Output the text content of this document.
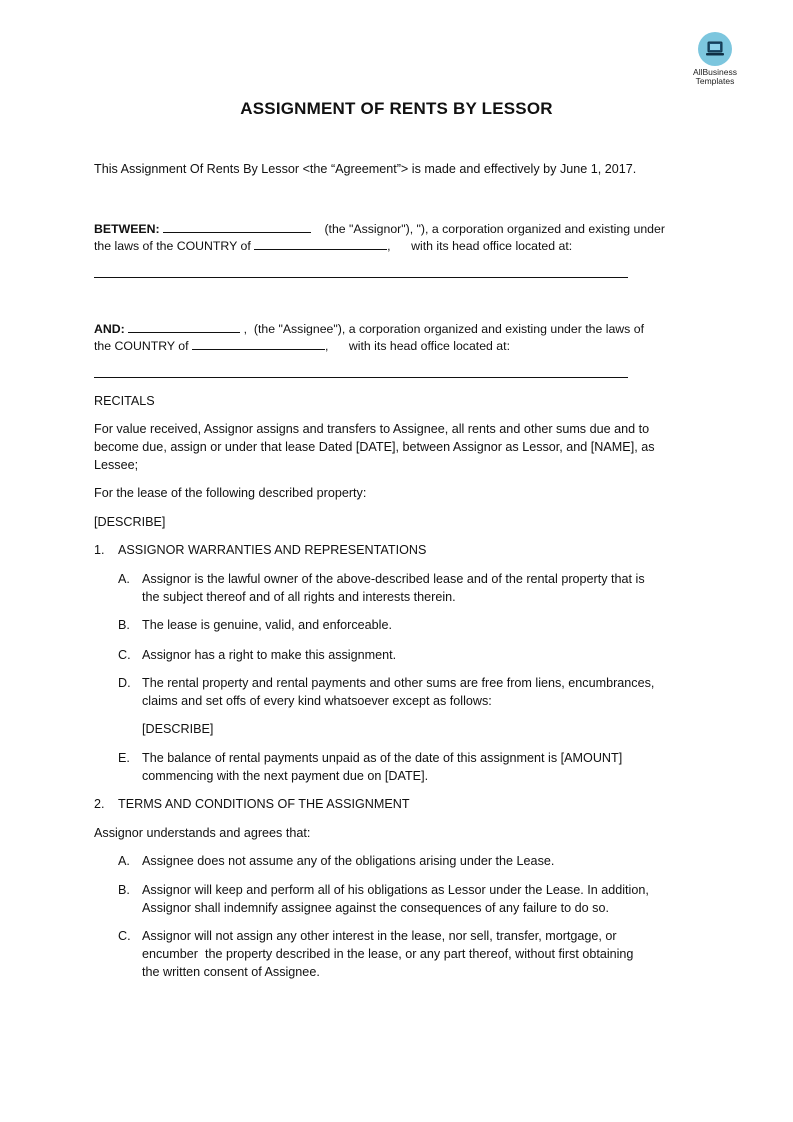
AllBusiness
Templates
ASSIGNMENT OF RENTS BY LESSOR
This Assignment Of Rents By Lessor <the “Agreement”> is made and effectively by June 1, 2017.
BETWEEN:	(the "Assignor"), "), a corporation organized and existing under
the laws of the COUNTRY of	,      with its head office located at:
AND:	,  (the "Assignee"), a corporation organized and existing under the laws of
the COUNTRY of	,      with its head office located at:
RECITALS
For value received, Assignor assigns and transfers to Assignee, all rents and other sums due and to
become due, assign or under that lease Dated [DATE], between Assignor as Lessor, and [NAME], as
Lessee;
For the lease of the following described property:
[DESCRIBE]
1. ASSIGNOR WARRANTIES AND REPRESENTATIONS
A. Assignor is the lawful owner of the above-described lease and of the rental property that is
the subject thereof and of all rights and interests therein.
B. The lease is genuine, valid, and enforceable.
C. Assignor has a right to make this assignment.
D. The rental property and rental payments and other sums are free from liens, encumbrances,
claims and set offs of every kind whatsoever except as follows:
[DESCRIBE]
E. The balance of rental payments unpaid as of the date of this assignment is [AMOUNT]
commencing with the next payment due on [DATE].
2. TERMS AND CONDITIONS OF THE ASSIGNMENT
Assignor understands and agrees that:
A. Assignee does not assume any of the obligations arising under the Lease.
B. Assignor will keep and perform all of his obligations as Lessor under the Lease. In addition,
Assignor shall indemnify assignee against the consequences of any failure to do so.
C. Assignor will not assign any other interest in the lease, nor sell, transfer, mortgage, or
encumber  the property described in the lease, or any part thereof, without first obtaining
the written consent of Assignee.
